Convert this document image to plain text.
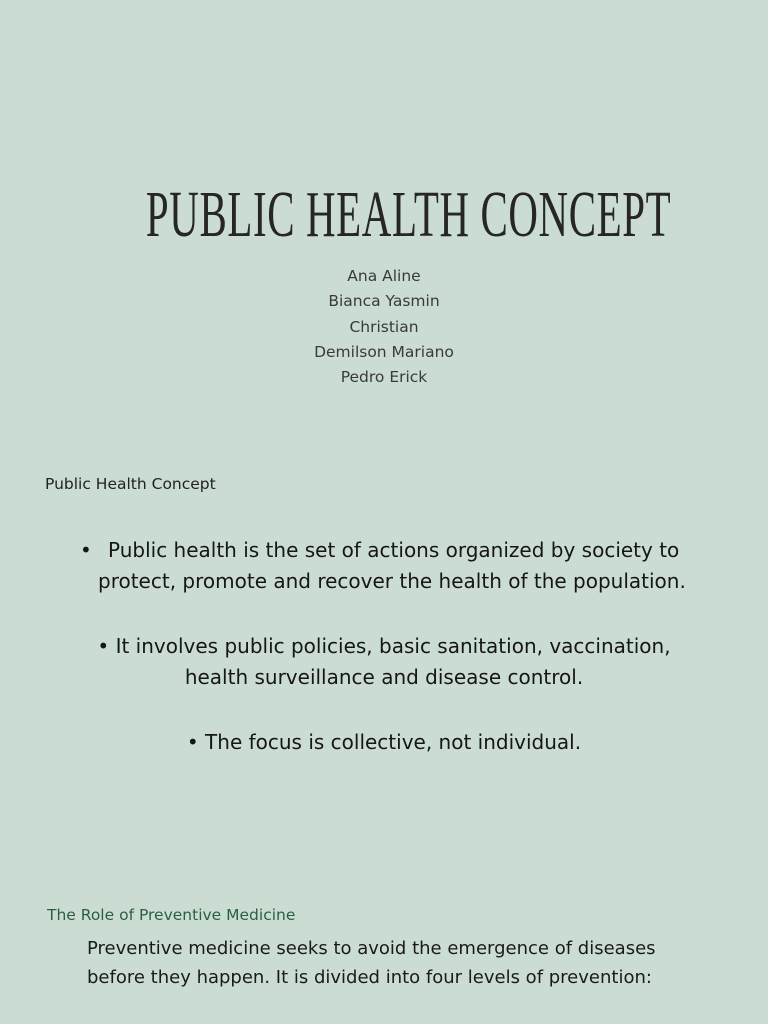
PUBLIC HEALTH CONCEPT
Ana Aline
Bianca Yasmin
Christian
Demilson Mariano
Pedro Erick
Public Health Concept
• Public health is the set of actions organized by society to
protect, promote and recover the health of the population.
• It involves public policies, basic sanitation, vaccination,
health surveillance and disease control.
• The focus is collective, not individual.
The Role of Preventive Medicine
Preventive medicine seeks to avoid the emergence of diseases
before they happen. It is divided into four levels of prevention:
